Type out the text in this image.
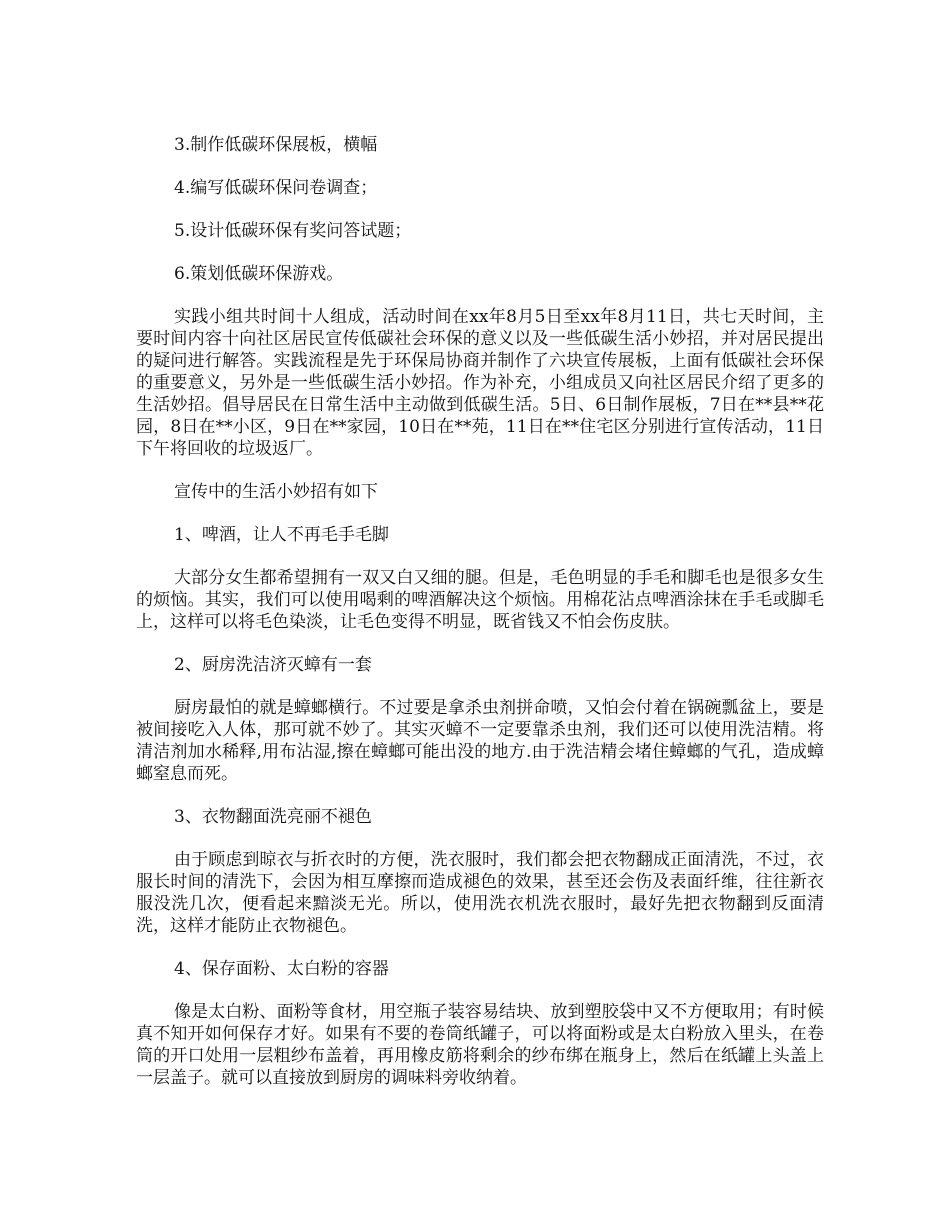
3.制作低碳环保展板，横幅
4.编写低碳环保问卷调查；
5.设计低碳环保有奖问答试题；
6.策划低碳环保游戏。

实践小组共时间十人组成，活动时间在xx年8月5日至xx年8月11日，共七天时间，主要时间内容十向社区居民宣传低碳社会环保的意义以及一些低碳生活小妙招，并对居民提出的疑问进行解答。实践流程是先于环保局协商并制作了六块宣传展板，上面有低碳社会环保的重要意义，另外是一些低碳生活小妙招。作为补充，小组成员又向社区居民介绍了更多的生活妙招。倡导居民在日常生活中主动做到低碳生活。5日、6日制作展板，7日在**县**花园，8日在**小区，9日在**家园，10日在**苑，11日在**住宅区分别进行宣传活动，11日下午将回收的垃圾返厂。

宣传中的生活小妙招有如下
1、啤酒，让人不再毛手毛脚

大部分女生都希望拥有一双又白又细的腿。但是，毛色明显的手毛和脚毛也是很多女生的烦恼。其实，我们可以使用喝剩的啤酒解决这个烦恼。用棉花沾点啤酒涂抹在手毛或脚毛上，这样可以将毛色染淡，让毛色变得不明显，既省钱又不怕会伤皮肤。

2、厨房洗洁济灭蟑有一套

厨房最怕的就是蟑螂横行。不过要是拿杀虫剂拼命喷，又怕会付着在锅碗瓢盆上，要是被间接吃入人体，那可就不妙了。其实灭蟑不一定要靠杀虫剂，我们还可以使用洗洁精。将清洁剂加水稀释,用布沾湿,擦在蟑螂可能出没的地方.由于洗洁精会堵住蟑螂的气孔，造成蟑螂窒息而死。

3、衣物翻面洗亮丽不褪色

由于顾虑到晾衣与折衣时的方便，洗衣服时，我们都会把衣物翻成正面清洗，不过，衣服长时间的清洗下，会因为相互摩擦而造成褪色的效果，甚至还会伤及表面纤维，往往新衣服没洗几次，便看起来黯淡无光。所以，使用洗衣机洗衣服时，最好先把衣物翻到反面清洗，这样才能防止衣物褪色。

4、保存面粉、太白粉的容器

像是太白粉、面粉等食材，用空瓶子装容易结块、放到塑胶袋中又不方便取用；有时候真不知开如何保存才好。如果有不要的卷筒纸罐子，可以将面粉或是太白粉放入里头，在卷筒的开口处用一层粗纱布盖着，再用橡皮筋将剩余的纱布绑在瓶身上，然后在纸罐上头盖上一层盖子。就可以直接放到厨房的调味料旁收纳着。
